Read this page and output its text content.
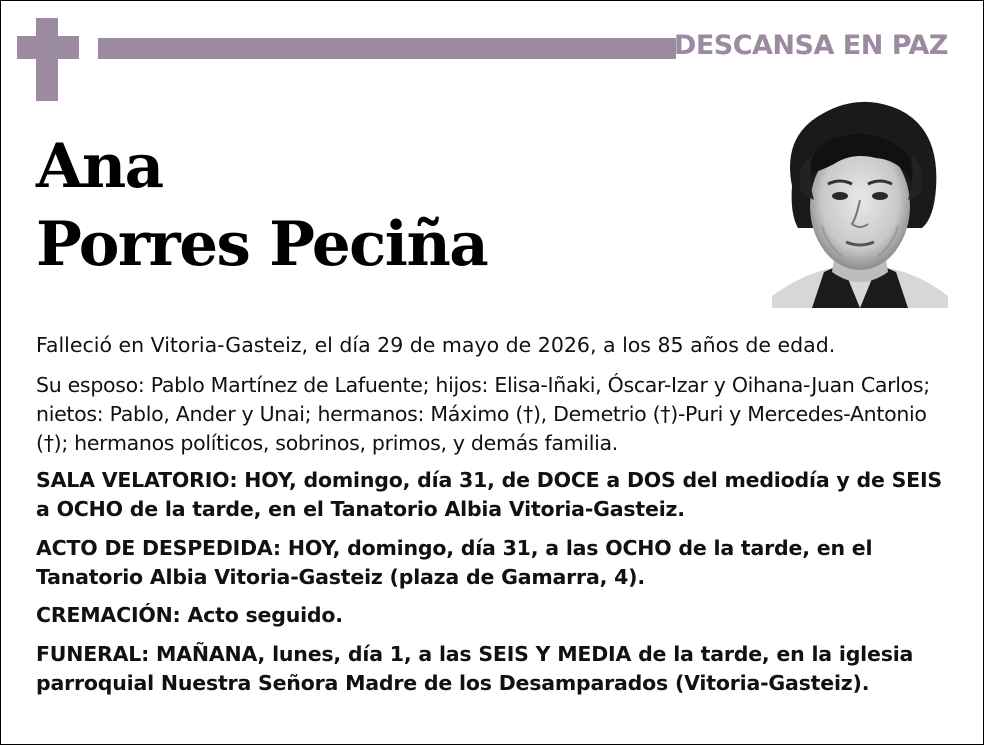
DESCANSA EN PAZ
Ana
Porres Peciña
Falleció en Vitoria-Gasteiz, el día 29 de mayo de 2026, a los 85 años de edad.
Su esposo: Pablo Martínez de Lafuente; hijos: Elisa-Iñaki, Óscar-Izar y Oihana-Juan Carlos; nietos: Pablo, Ander y Unai; hermanos: Máximo (†), Demetrio (†)-Puri y Mercedes-Antonio (†); hermanos políticos, sobrinos, primos, y demás familia.
SALA VELATORIO: HOY, domingo, día 31, de DOCE a DOS del mediodía y de SEIS a OCHO de la tarde, en el Tanatorio Albia Vitoria-Gasteiz.
ACTO DE DESPEDIDA: HOY, domingo, día 31, a las OCHO de la tarde, en el Tanatorio Albia Vitoria-Gasteiz (plaza de Gamarra, 4).
CREMACIÓN: Acto seguido.
FUNERAL: MAÑANA, lunes, día 1, a las SEIS Y MEDIA de la tarde, en la iglesia parroquial Nuestra Señora Madre de los Desamparados (Vitoria-Gasteiz).
